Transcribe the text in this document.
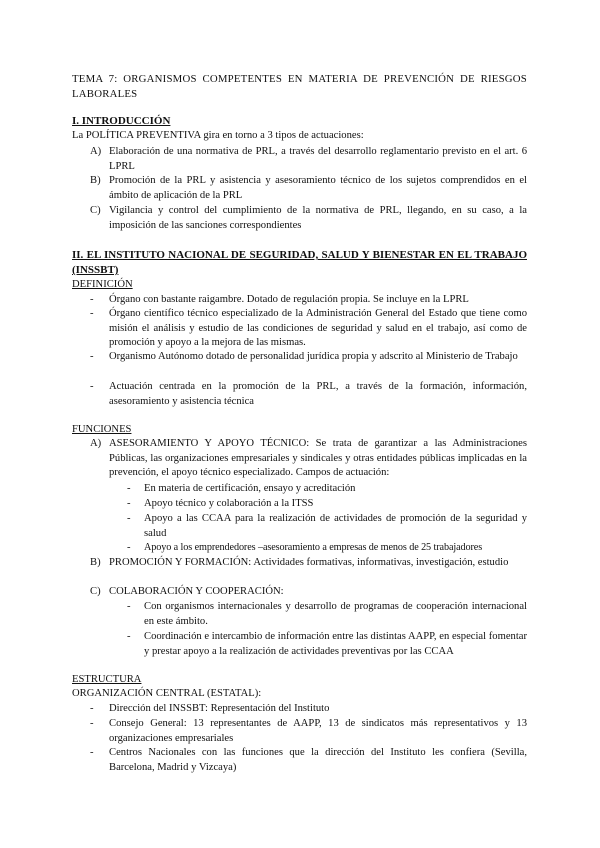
TEMA 7: ORGANISMOS COMPETENTES EN MATERIA DE PREVENCIÓN DE RIESGOS LABORALES
I. INTRODUCCIÓN
La POLÍTICA PREVENTIVA gira en torno a 3 tipos de actuaciones:
A) Elaboración de una normativa de PRL, a través del desarrollo reglamentario previsto en el art. 6 LPRL
B) Promoción de la PRL y asistencia y asesoramiento técnico de los sujetos comprendidos en el ámbito de aplicación de la PRL
C) Vigilancia y control del cumplimiento de la normativa de PRL, llegando, en su caso, a la imposición de las sanciones correspondientes
II. EL INSTITUTO NACIONAL DE SEGURIDAD, SALUD Y BIENESTAR EN EL TRABAJO (INSSBT)
DEFINICIÓN
- Órgano con bastante raigambre. Dotado de regulación propia. Se incluye en la LPRL
- Órgano científico técnico especializado de la Administración General del Estado que tiene como misión el análisis y estudio de las condiciones de seguridad y salud en el trabajo, así como de promoción y apoyo a la mejora de las mismas.
- Organismo Autónomo dotado de personalidad jurídica propia y adscrito al Ministerio de Trabajo
- Actuación centrada en la promoción de la PRL, a través de la formación, información, asesoramiento y asistencia técnica
FUNCIONES
A) ASESORAMIENTO Y APOYO TÉCNICO: Se trata de garantizar a las Administraciones Públicas, las organizaciones empresariales y sindicales y otras entidades públicas implicadas en la prevención, el apoyo técnico especializado. Campos de actuación:
- En materia de certificación, ensayo y acreditación
- Apoyo técnico y colaboración a la ITSS
- Apoyo a las CCAA para la realización de actividades de promoción de la seguridad y salud
- Apoyo a los emprendedores –asesoramiento a empresas de menos de 25 trabajadores
B) PROMOCIÓN Y FORMACIÓN: Actividades formativas, informativas, investigación, estudio
C) COLABORACIÓN Y COOPERACIÓN:
- Con organismos internacionales y desarrollo de programas de cooperación internacional en este ámbito.
- Coordinación e intercambio de información entre las distintas AAPP, en especial fomentar y prestar apoyo a la realización de actividades preventivas por las CCAA
ESTRUCTURA
ORGANIZACIÓN CENTRAL (ESTATAL):
- Dirección del INSSBT: Representación del Instituto
- Consejo General: 13 representantes de AAPP, 13 de sindicatos más representativos y 13 organizaciones empresariales
- Centros Nacionales con las funciones que la dirección del Instituto les confiera (Sevilla, Barcelona, Madrid y Vizcaya)
